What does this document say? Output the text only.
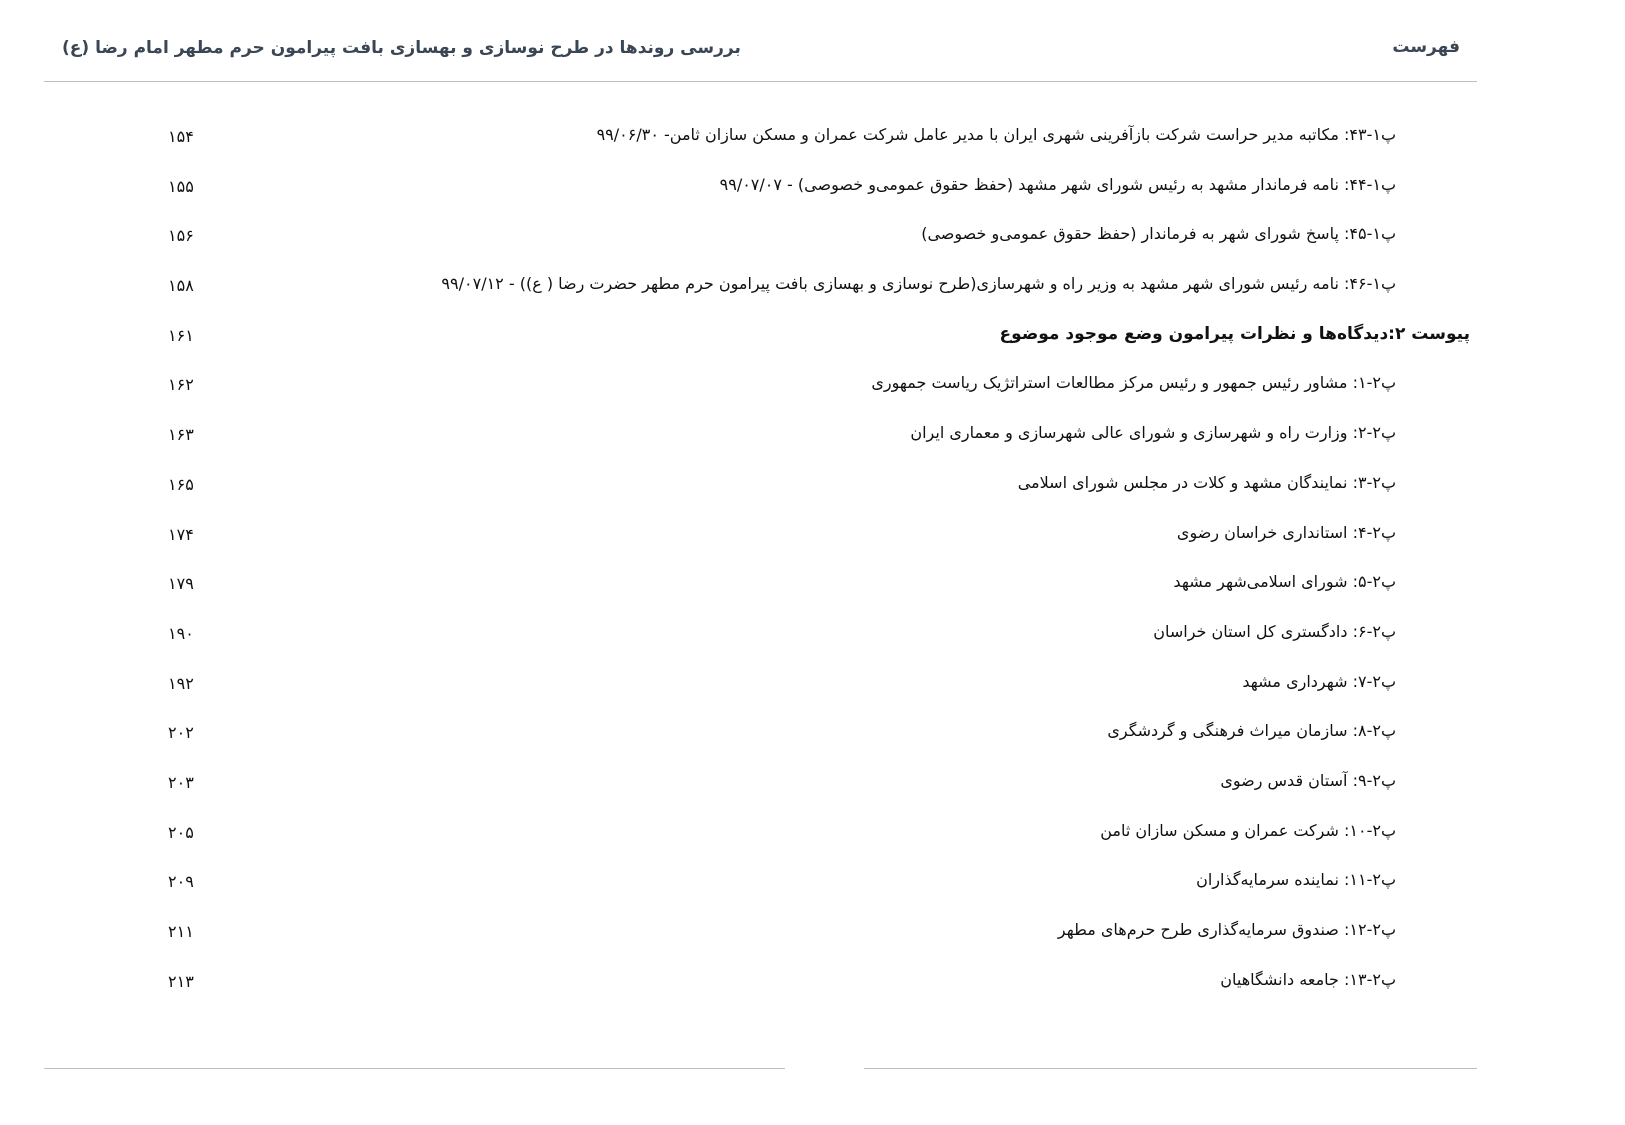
بررسی روندها در طرح نوسازی و بهسازی بافت پیرامون حرم مطهر امام رضا (ع)	فهرست
پ۱-۴۳: مکاتبه مدیر حراست شرکت بازآفرینی شهری ایران با مدیر عامل شرکت عمران و مسکن سازان ثامن- ۹۹/۰۶/۳۰
۱۵۴
پ۱-۴۴: نامه فرماندار مشهد به رئیس شورای شهر مشهد (حفظ حقوق عمومی‌و خصوصی) - ۹۹/۰۷/۰۷
۱۵۵
پ۱-۴۵: پاسخ شورای شهر به فرماندار (حفظ حقوق عمومی‌و خصوصی)
۱۵۶
پ۱-۴۶: نامه رئیس شورای شهر مشهد به وزیر راه و شهرسازی(طرح نوسازی و بهسازی بافت پیرامون حرم مطهر حضرت رضا ( ع)) - ۹۹/۰۷/۱۲
۱۵۸
پیوست ۲:دیدگاه‌ها و نظرات پیرامون وضع موجود موضوع
۱۶۱
پ۲-۱: مشاور رئیس جمهور و رئیس مرکز مطالعات استراتژیک ریاست جمهوری
۱۶۲
پ۲-۲: وزارت راه و شهرسازی و شورای عالی شهرسازی و معماری ایران
۱۶۳
پ۲-۳: نمایندگان مشهد و کلات در مجلس شورای اسلامی
۱۶۵
پ۲-۴: استانداری خراسان رضوی
۱۷۴
پ۲-۵: شورای اسلامی‌شهر مشهد
۱۷۹
پ۲-۶: دادگستری کل استان خراسان
۱۹۰
پ۲-۷: شهرداری مشهد
۱۹۲
پ۲-۸: سازمان میراث فرهنگی و گردشگری
۲۰۲
پ۲-۹: آستان قدس رضوی
۲۰۳
پ۲-۱۰: شرکت عمران و مسکن سازان ثامن
۲۰۵
پ۲-۱۱: نماینده سرمایه‌گذاران
۲۰۹
پ۲-۱۲: صندوق سرمایه‌گذاری طرح حرم‌های مطهر
۲۱۱
پ۲-۱۳: جامعه دانشگاهیان
۲۱۳
